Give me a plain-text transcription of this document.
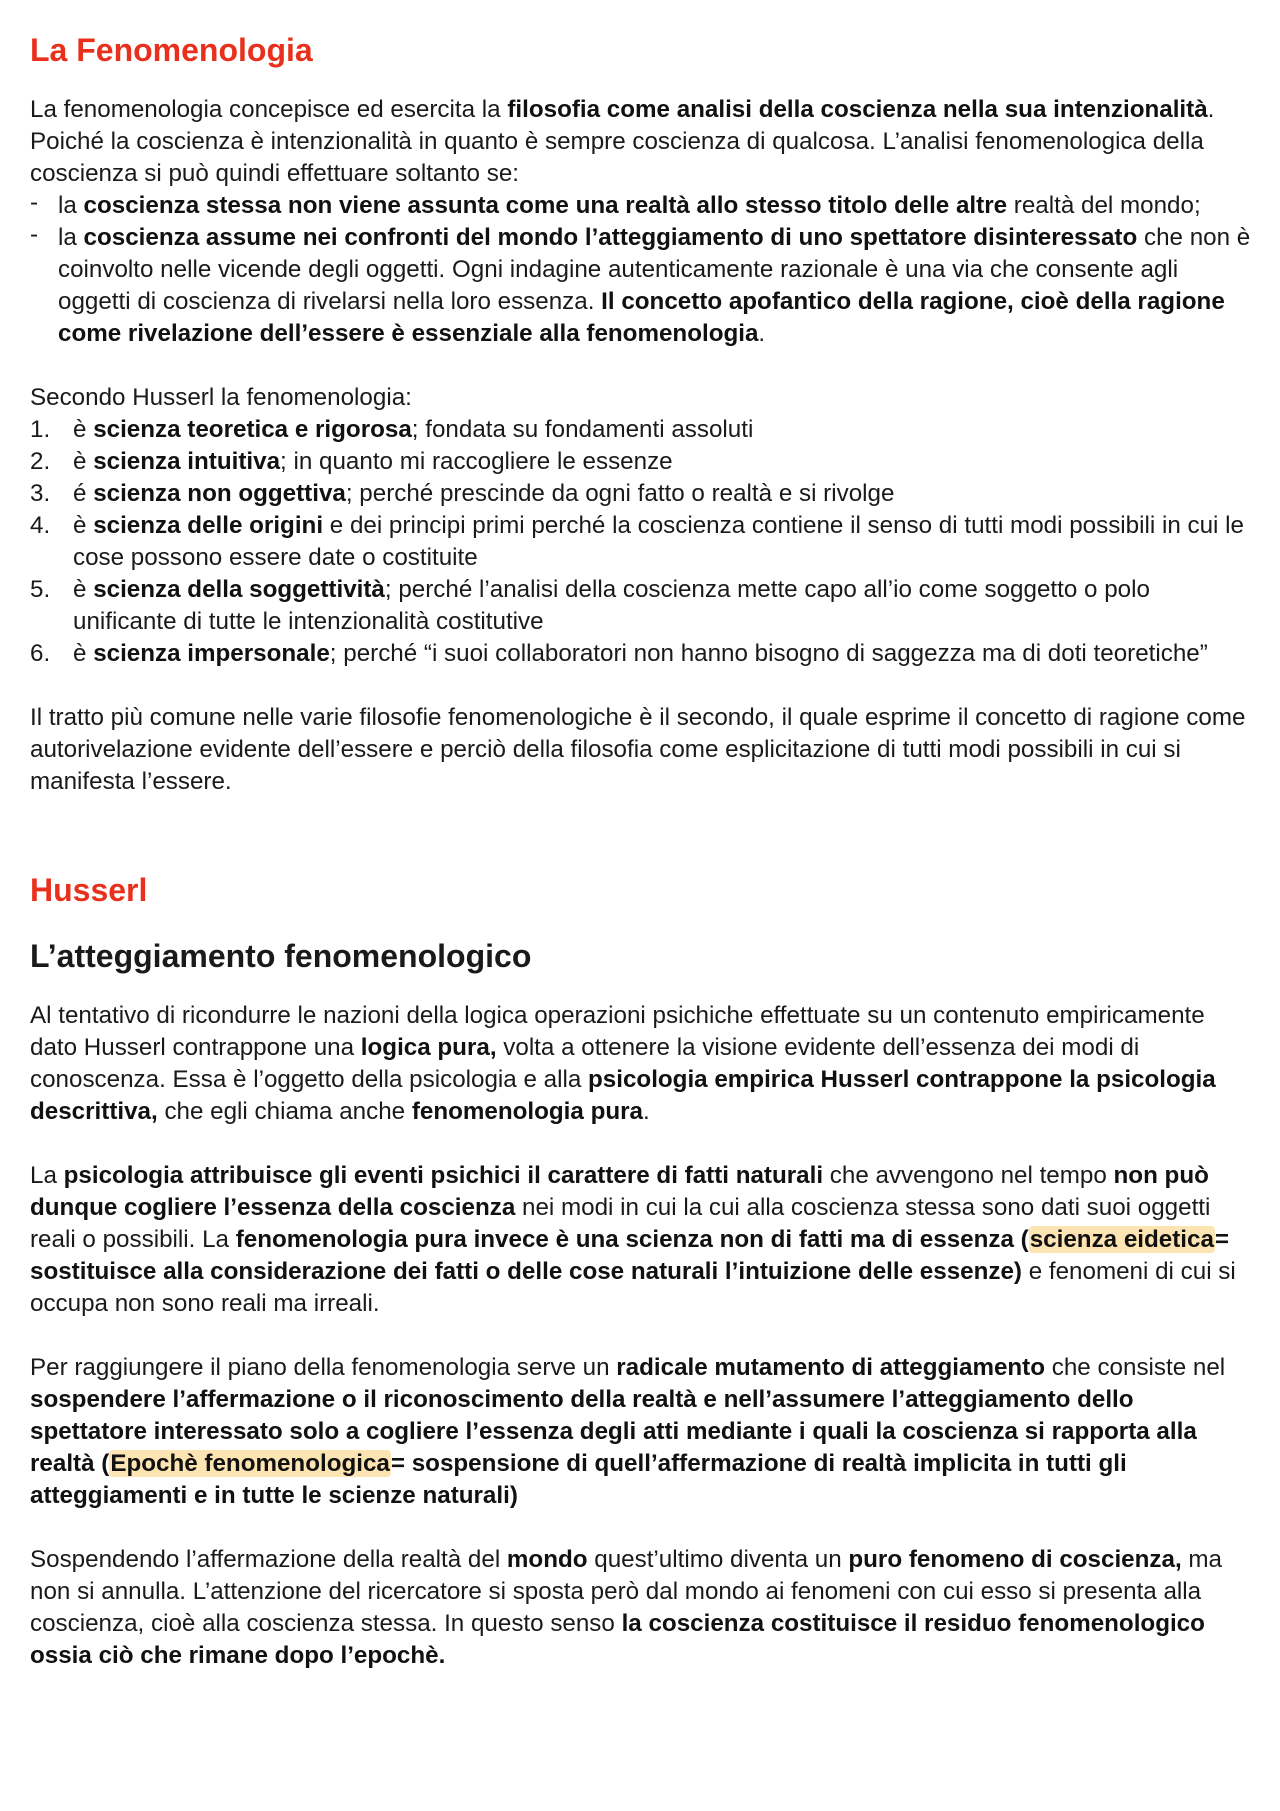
La Fenomenologia

La fenomenologia concepisce ed esercita la filosofia come analisi della coscienza nella sua intenzionalità. Poiché la coscienza è intenzionalità in quanto è sempre coscienza di qualcosa. L’analisi fenomenologica della coscienza si può quindi effettuare soltanto se:

- la coscienza stessa non viene assunta come una realtà allo stesso titolo delle altre realtà del mondo;
- la coscienza assume nei confronti del mondo l’atteggiamento di uno spettatore disinteressato che non è coinvolto nelle vicende degli oggetti. Ogni indagine autenticamente razionale è una via che consente agli oggetti di coscienza di rivelarsi nella loro essenza. Il concetto apofantico della ragione, cioè della ragione come rivelazione dell’essere è essenziale alla fenomenologia.

Secondo Husserl la fenomenologia:

1. è scienza teoretica e rigorosa; fondata su fondamenti assoluti
2. è scienza intuitiva; in quanto mi raccogliere le essenze
3. é scienza non oggettiva; perché prescinde da ogni fatto o realtà e si rivolge
4. è scienza delle origini e dei principi primi perché la coscienza contiene il senso di tutti modi possibili in cui le cose possono essere date o costituite
5. è scienza della soggettività; perché l’analisi della coscienza mette capo all’io come soggetto o polo unificante di tutte le intenzionalità costitutive
6. è scienza impersonale; perché “i suoi collaboratori non hanno bisogno di saggezza ma di doti teoretiche”

Il tratto più comune nelle varie filosofie fenomenologiche è il secondo, il quale esprime il concetto di ragione come autorivelazione evidente dell’essere e perciò della filosofia come esplicitazione di tutti modi possibili in cui si manifesta l’essere.

Husserl
L’atteggiamento fenomenologico

Al tentativo di ricondurre le nazioni della logica operazioni psichiche effettuate su un contenuto empiricamente dato Husserl contrappone una logica pura, volta a ottenere la visione evidente dell’essenza dei modi di conoscenza. Essa è l’oggetto della psicologia e alla psicologia empirica Husserl contrappone la psicologia descrittiva, che egli chiama anche fenomenologia pura.

La psicologia attribuisce gli eventi psichici il carattere di fatti naturali che avvengono nel tempo non può dunque cogliere l’essenza della coscienza nei modi in cui la cui alla coscienza stessa sono dati suoi oggetti reali o possibili. La fenomenologia pura invece è una scienza non di fatti ma di essenza (scienza eidetica= sostituisce alla considerazione dei fatti o delle cose naturali l’intuizione delle essenze) e fenomeni di cui si occupa non sono reali ma irreali.

Per raggiungere il piano della fenomenologia serve un radicale mutamento di atteggiamento che consiste nel sospendere l’affermazione o il riconoscimento della realtà e nell’assumere l’atteggiamento dello spettatore interessato solo a cogliere l’essenza degli atti mediante i quali la coscienza si rapporta alla realtà (Epochè fenomenologica= sospensione di quell’affermazione di realtà implicita in tutti gli atteggiamenti e in tutte le scienze naturali)

Sospendendo l’affermazione della realtà del mondo quest’ultimo diventa un puro fenomeno di coscienza, ma non si annulla. L’attenzione del ricercatore si sposta però dal mondo ai fenomeni con cui esso si presenta alla coscienza, cioè alla coscienza stessa. In questo senso la coscienza costituisce il residuo fenomenologico ossia ciò che rimane dopo l’epochè.
